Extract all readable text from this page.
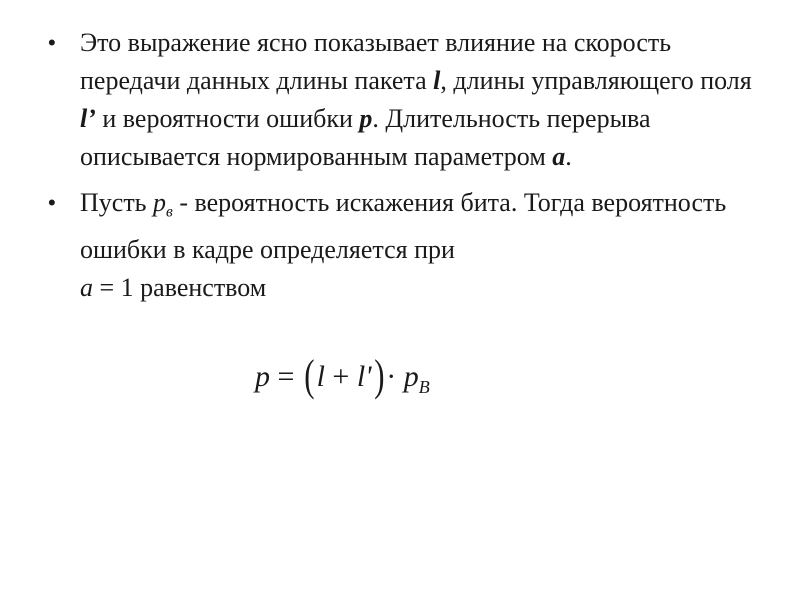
• Это выражение ясно показывает влияние на скорость передачи данных длины пакета l, длины управляющего поля l’ и вероятности ошибки p. Длительность перерыва описывается нормированным параметром a.
• Пусть $p_в$ - вероятность искажения бита. Тогда вероятность ошибки в кадре определяется при
a = 1 равенством
$p = (l + l')\cdot p_B$
